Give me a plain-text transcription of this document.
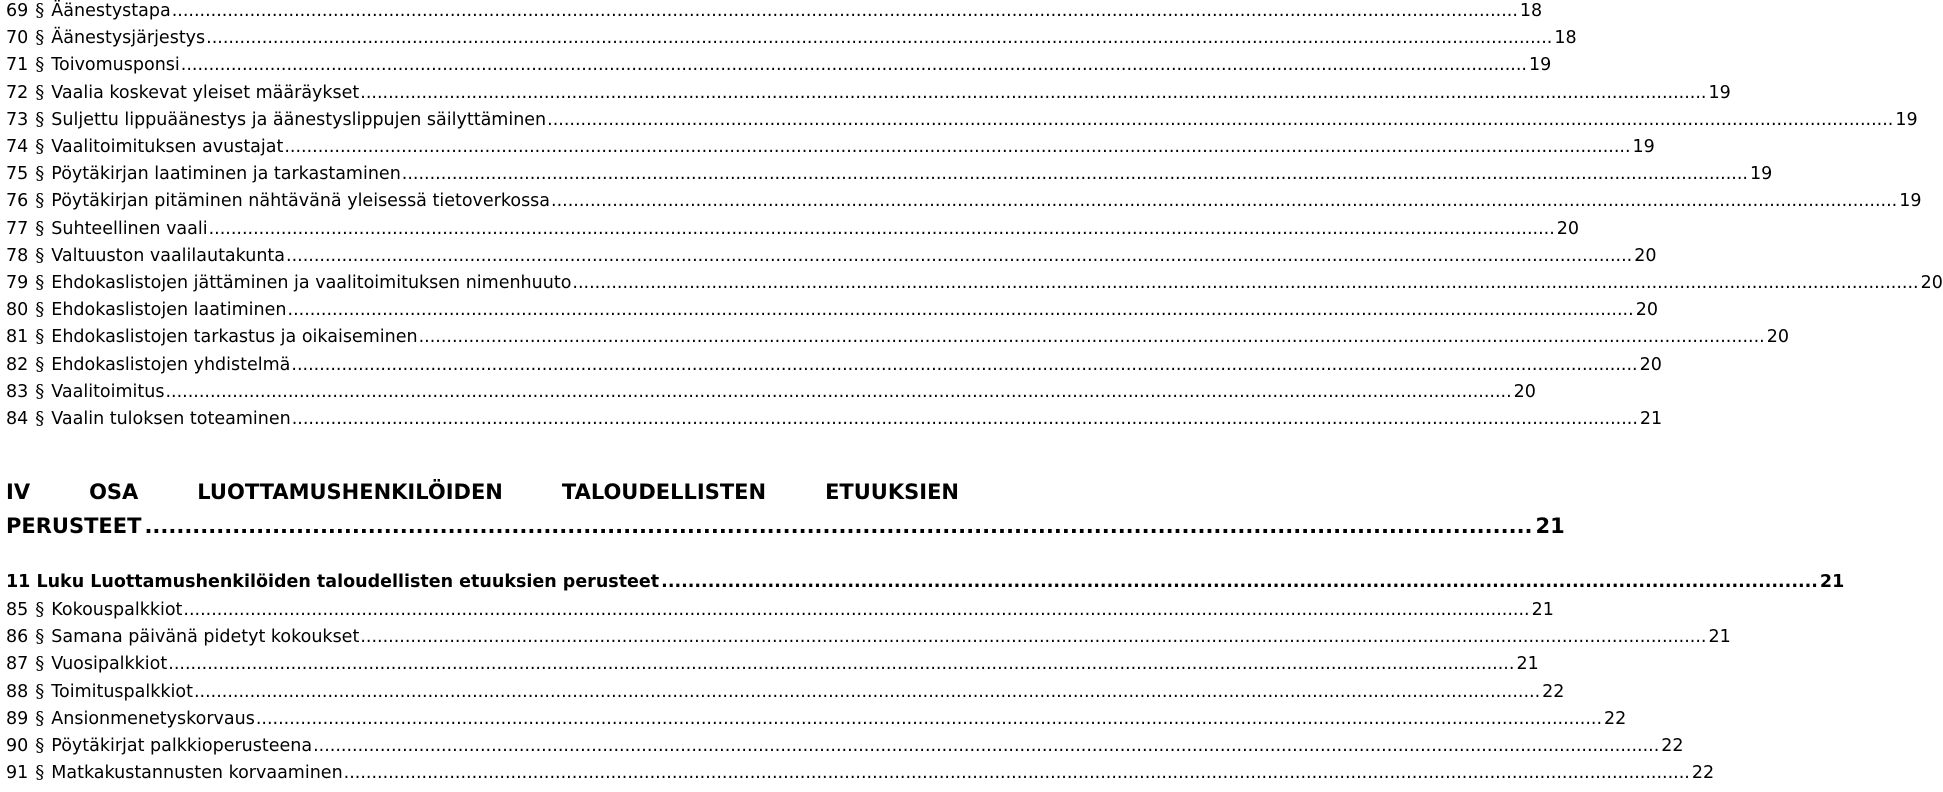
69 § Äänestystapa .....	18
70 § Äänestysjärjestys .....	18
71 § Toivomusponsi .....	19
72 § Vaalia koskevat yleiset määräykset .....	19
73 § Suljettu lippuäänestys ja äänestyslippujen säilyttäminen .....	19
74 § Vaalitoimituksen avustajat .....	19
75 § Pöytäkirjan laatiminen ja tarkastaminen .....	19
76 § Pöytäkirjan pitäminen nähtävänä yleisessä tietoverkossa .....	19
77 § Suhteellinen vaali .....	20
78 § Valtuuston vaalilautakunta .....	20
79 § Ehdokaslistojen jättäminen ja vaalitoimituksen nimenhuuto .....	20
80 § Ehdokaslistojen laatiminen .....	20
81 § Ehdokaslistojen tarkastus ja oikaiseminen .....	20
82 § Ehdokaslistojen yhdistelmä .....	20
83 § Vaalitoimitus .....	20
84 § Vaalin tuloksen toteaminen .....	21
IV	OSA	LUOTTAMUSHENKILÖIDEN	TALOUDELLISTEN	ETUUKSIEN
PERUSTEET .....	21
11 Luku Luottamushenkilöiden taloudellisten etuuksien perusteet .....	21
85 § Kokouspalkkiot .....	21
86 § Samana päivänä pidetyt kokoukset .....	21
87 § Vuosipalkkiot .....	21
88 § Toimituspalkkiot .....	22
89 § Ansionmenetyskorvaus .....	22
90 § Pöytäkirjat palkkioperusteena .....	22
91 § Matkakustannusten korvaaminen .....	22
